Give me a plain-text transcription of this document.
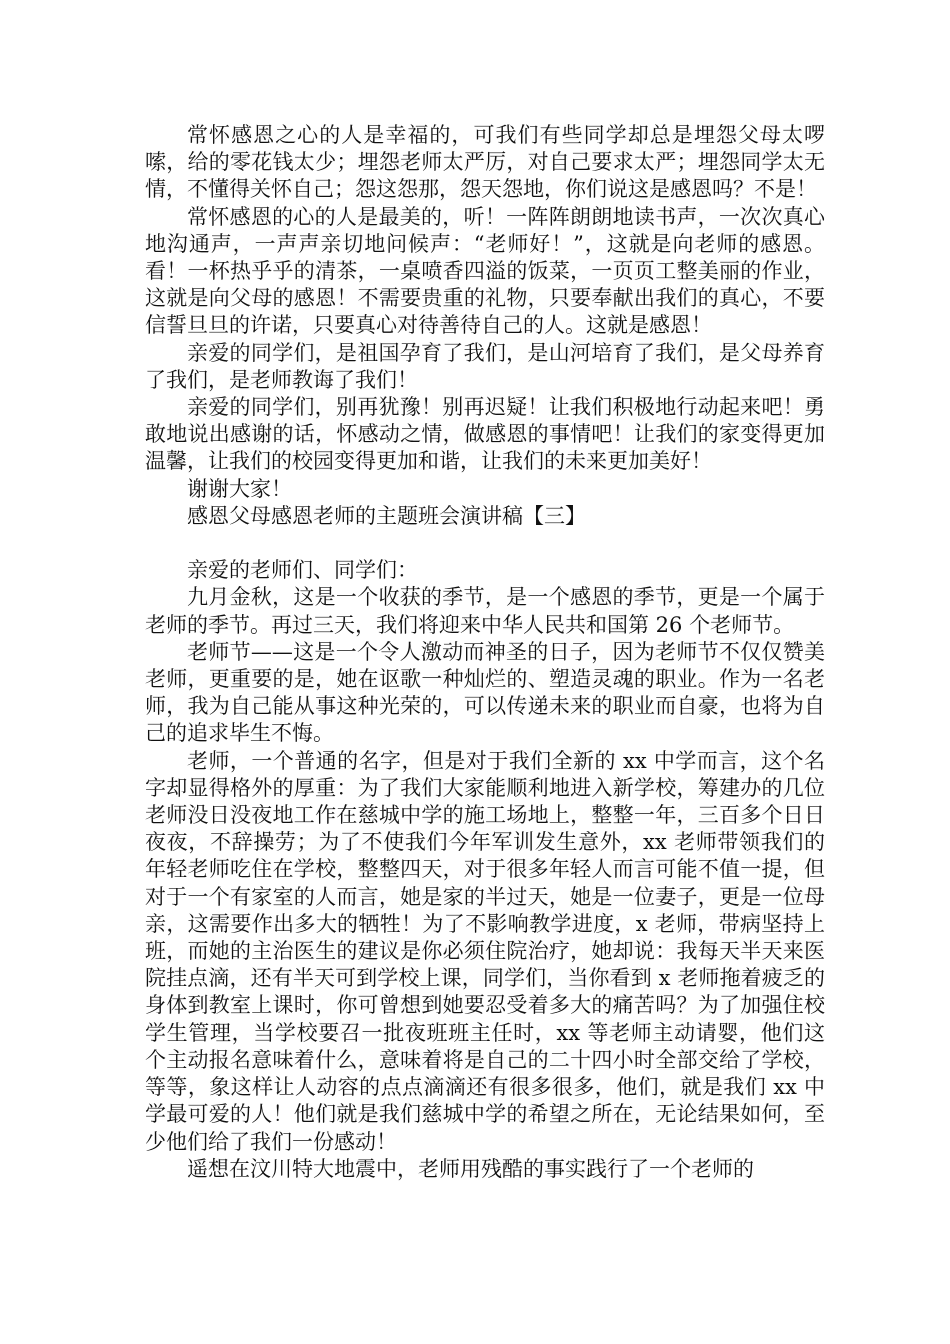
常怀感恩之心的人是幸福的，可我们有些同学却总是埋怨父母太啰嗦，给的零花钱太少；埋怨老师太严厉，对自己要求太严；埋怨同学太无情，不懂得关怀自己；怨这怨那，怨天怨地，你们说这是感恩吗？不是！

常怀感恩的心的人是最美的，听！一阵阵朗朗地读书声，一次次真心地沟通声，一声声亲切地问候声：“老师好！”，这就是向老师的感恩。看！一杯热乎乎的清茶，一桌喷香四溢的饭菜，一页页工整美丽的作业，这就是向父母的感恩！不需要贵重的礼物，只要奉献出我们的真心，不要信誓旦旦的许诺，只要真心对待善待自己的人。这就是感恩！

亲爱的同学们，是祖国孕育了我们，是山河培育了我们，是父母养育了我们，是老师教诲了我们！

亲爱的同学们，别再犹豫！别再迟疑！让我们积极地行动起来吧！勇敢地说出感谢的话，怀感动之情，做感恩的事情吧！让我们的家变得更加温馨，让我们的校园变得更加和谐，让我们的未来更加美好！

谢谢大家！

感恩父母感恩老师的主题班会演讲稿【三】

亲爱的老师们、同学们：

九月金秋，这是一个收获的季节，是一个感恩的季节，更是一个属于老师的季节。再过三天，我们将迎来中华人民共和国第 26 个老师节。

老师节——这是一个令人激动而神圣的日子，因为老师节不仅仅赞美老师，更重要的是，她在讴歌一种灿烂的、塑造灵魂的职业。作为一名老师，我为自己能从事这种光荣的，可以传递未来的职业而自豪，也将为自己的追求毕生不悔。

老师，一个普通的名字，但是对于我们全新的 xx 中学而言，这个名字却显得格外的厚重：为了我们大家能顺利地进入新学校，筹建办的几位老师没日没夜地工作在慈城中学的施工场地上，整整一年，三百多个日日夜夜，不辞操劳；为了不使我们今年军训发生意外，xx 老师带领我们的年轻老师吃住在学校，整整四天，对于很多年轻人而言可能不值一提，但对于一个有家室的人而言，她是家的半过天，她是一位妻子，更是一位母亲，这需要作出多大的牺牲！为了不影响教学进度，x 老师，带病坚持上班，而她的主治医生的建议是你必须住院治疗，她却说：我每天半天来医院挂点滴，还有半天可到学校上课，同学们，当你看到 x 老师拖着疲乏的身体到教室上课时，你可曾想到她要忍受着多大的痛苦吗？为了加强住校学生管理，当学校要召一批夜班班主任时，xx 等老师主动请婴，他们这个主动报名意味着什么，意味着将是自己的二十四小时全部交给了学校，等等，象这样让人动容的点点滴滴还有很多很多，他们，就是我们 xx 中学最可爱的人！他们就是我们慈城中学的希望之所在，无论结果如何，至少他们给了我们一份感动！

遥想在汶川特大地震中，老师用残酷的事实践行了一个老师的
